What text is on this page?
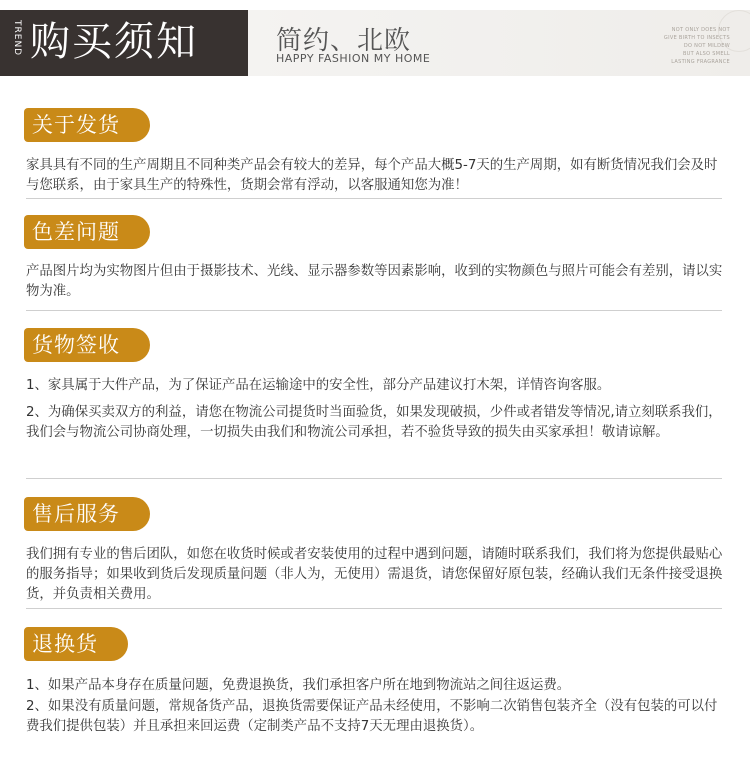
TREND 购买须知	简约、北欧
HAPPY FASHION MY HOME
NOT ONLY DOES NOT
GIVE BIRTH TO INSECTS
DO NOT MILDEW
BUT ALSO SMELL
LASTING FRAGRANCE
关于发货

家具具有不同的生产周期且不同种类产品会有较大的差异，每个产品大概5-7天的生产周期，如有断货情况我们会及时与您联系，由于家具生产的特殊性，货期会常有浮动，以客服通知您为准！

色差问题

产品图片均为实物图片但由于摄影技术、光线、显示器参数等因素影响，收到的实物颜色与照片可能会有差别，请以实物为准。

货物签收

1、家具属于大件产品，为了保证产品在运输途中的安全性，部分产品建议打木架，详情咨询客服。

2、为确保买卖双方的利益，请您在物流公司提货时当面验货，如果发现破损，少件或者错发等情况,请立刻联系我们，我们会与物流公司协商处理，一切损失由我们和物流公司承担，若不验货导致的损失由买家承担！敬请谅解。

售后服务

我们拥有专业的售后团队，如您在收货时候或者安装使用的过程中遇到问题，请随时联系我们，我们将为您提供最贴心的服务指导；如果收到货后发现质量问题（非人为，无使用）需退货，请您保留好原包装，经确认我们无条件接受退换货，并负责相关费用。

退换货

1、如果产品本身存在质量问题，免费退换货，我们承担客户所在地到物流站之间往返运费。

2、如果没有质量问题，常规备货产品，退换货需要保证产品未经使用，不影响二次销售包装齐全（没有包装的可以付费我们提供包装）并且承担来回运费（定制类产品不支持7天无理由退换货）。
